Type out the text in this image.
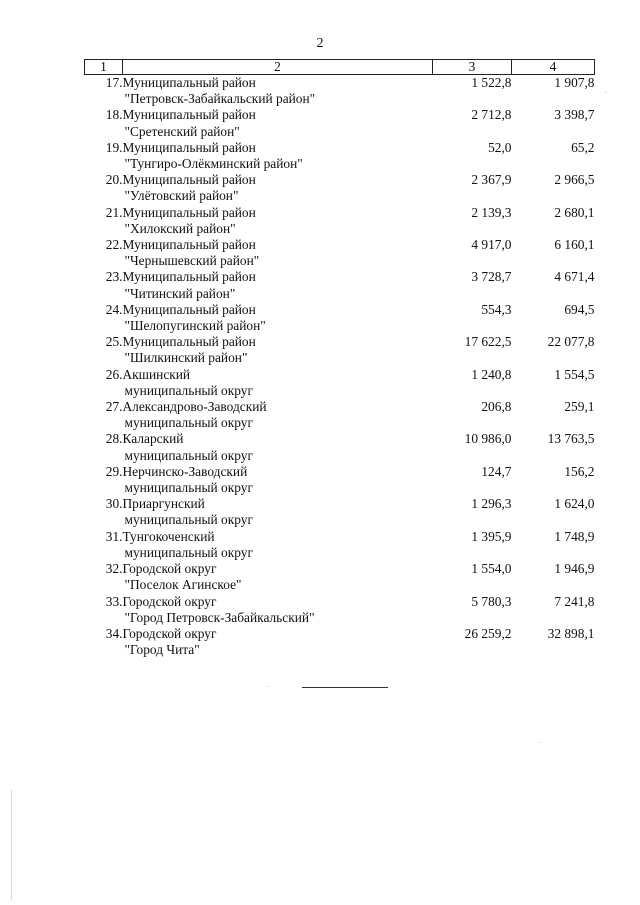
2
1	2	3	4
17.	Муниципальный район
"Петровск-Забайкальский район"	1 522,8	1 907,8
18.	Муниципальный район
"Сретенский район"	2 712,8	3 398,7
19.	Муниципальный район
"Тунгиро-Олёкминский район"	52,0	65,2
20.	Муниципальный район
"Улётовский район"	2 367,9	2 966,5
21.	Муниципальный район
"Хилокский район"	2 139,3	2 680,1
22.	Муниципальный район
"Чернышевский район"	4 917,0	6 160,1
23.	Муниципальный район
"Читинский район"	3 728,7	4 671,4
24.	Муниципальный район
"Шелопугинский район"	554,3	694,5
25.	Муниципальный район
"Шилкинский район"	17 622,5	22 077,8
26.	Акшинский
муниципальный округ	1 240,8	1 554,5
27.	Александрово-Заводский
муниципальный округ	206,8	259,1
28.	Каларский
муниципальный округ	10 986,0	13 763,5
29.	Нерчинско-Заводский
муниципальный округ	124,7	156,2
30.	Приаргунский
муниципальный округ	1 296,3	1 624,0
31.	Тунгокоченский
муниципальный округ	1 395,9	1 748,9
32.	Городской округ
"Поселок Агинское"	1 554,0	1 946,9
33.	Городской округ
"Город Петровск-Забайкальский"	5 780,3	7 241,8
34.	Городской округ
"Город Чита"	26 259,2	32 898,1
